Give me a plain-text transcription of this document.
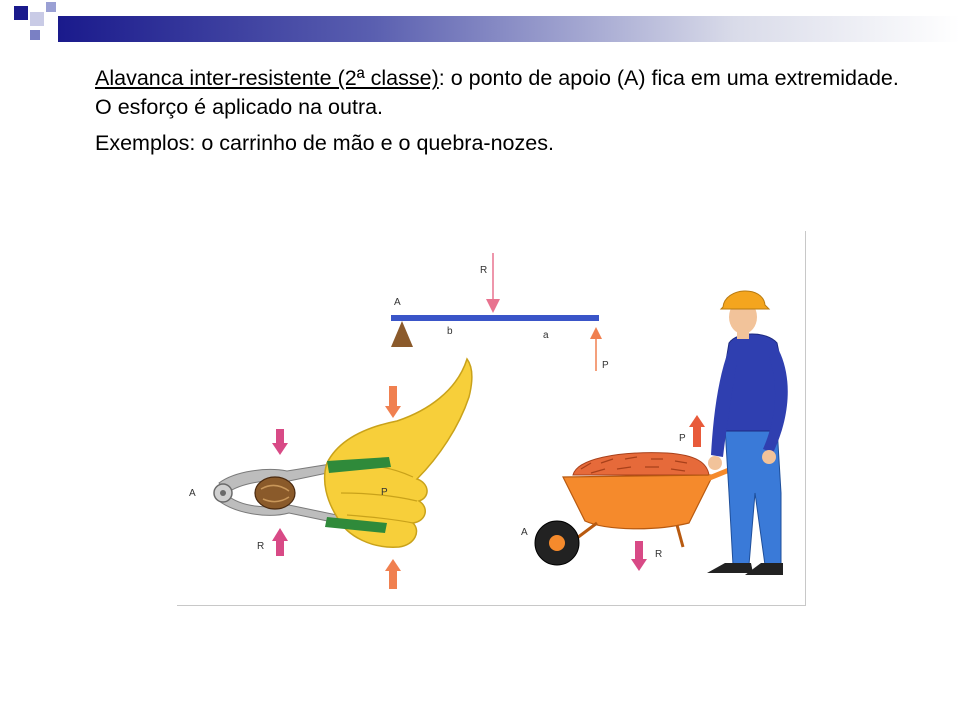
Alavanca inter-resistente (2ª classe): o ponto de apoio (A) fica em uma extremidade. O esforço é aplicado na outra.

Exemplos: o carrinho de mão e o quebra-nozes.

A
R
P
b	a
A	P
R
A
P
R
